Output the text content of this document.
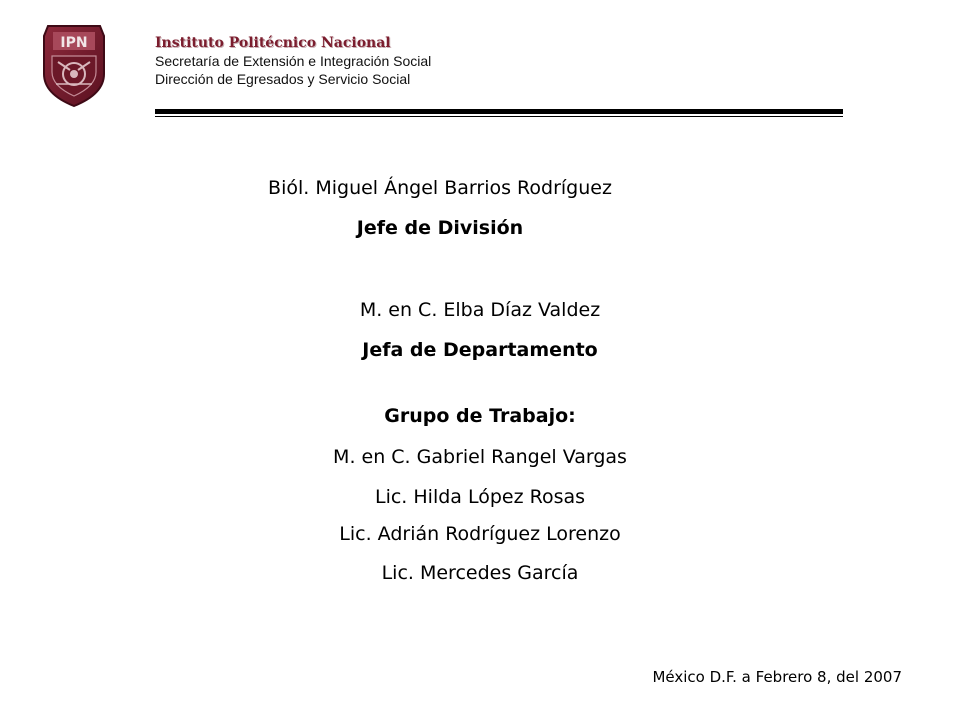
IPN	Instituto Politécnico Nacional
Secretaría de Extensión e Integración Social
Dirección de Egresados y Servicio Social
Biól. Miguel Ángel Barrios Rodríguez
Jefe de División
M. en C. Elba Díaz Valdez
Jefa de Departamento
Grupo de Trabajo:
M. en C. Gabriel Rangel Vargas
Lic. Hilda López Rosas
Lic. Adrián Rodríguez Lorenzo
Lic. Mercedes García
México D.F. a Febrero 8, del 2007
